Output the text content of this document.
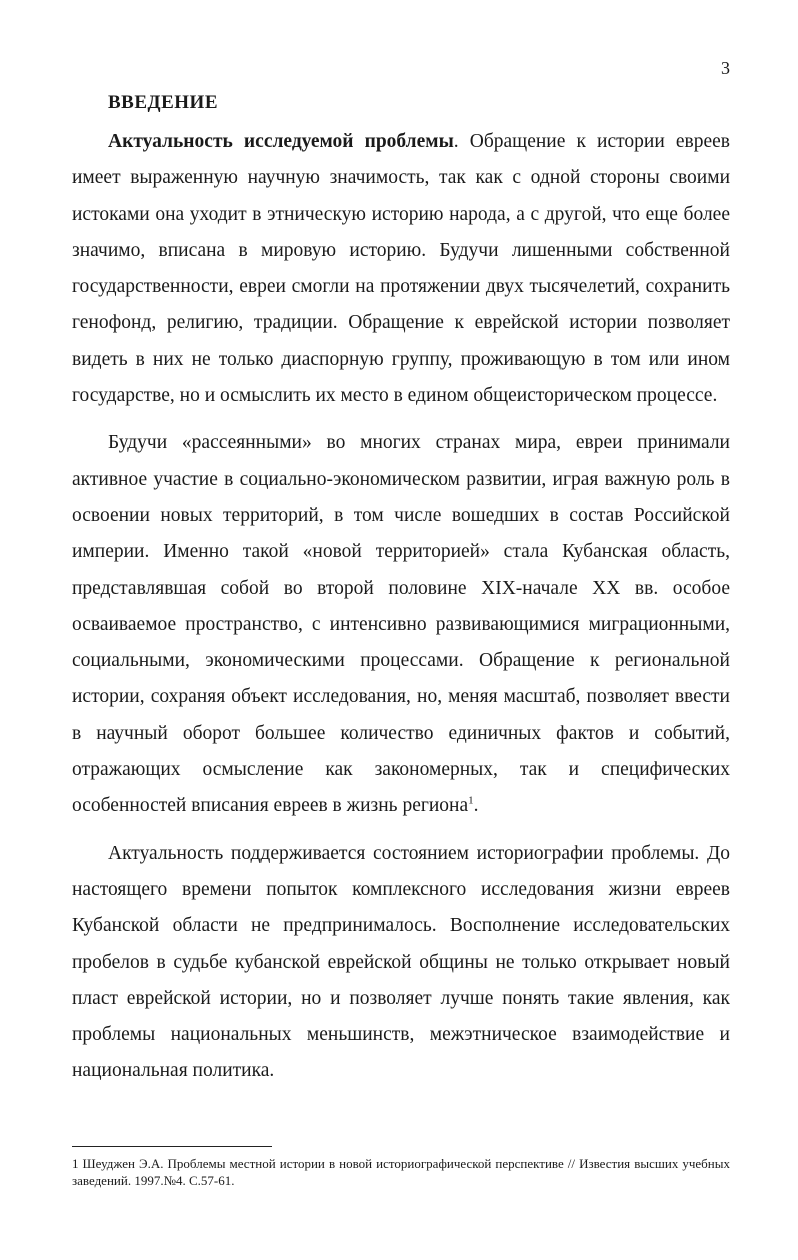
3
ВВЕДЕНИЕ

Актуальность исследуемой проблемы. Обращение к истории евреев имеет выраженную научную значимость, так как с одной стороны своими истоками она уходит в этническую историю народа, а с другой, что еще более значимо, вписана в мировую историю. Будучи лишенными собственной государственности, евреи смогли на протяжении двух тысячелетий, сохранить генофонд, религию, традиции. Обращение к еврейской истории позволяет видеть в них не только диаспорную группу, проживающую в том или ином государстве, но и осмыслить их место в едином общеисторическом процессе.

Будучи «рассеянными» во многих странах мира, евреи принимали активное участие в социально-экономическом развитии, играя важную роль в освоении новых территорий, в том числе вошедших в состав Российской империи. Именно такой «новой территорией» стала Кубанская область, представлявшая собой во второй половине XIX-начале XX вв. особое осваиваемое пространство, с интенсивно развивающимися миграционными, социальными, экономическими процессами. Обращение к региональной истории, сохраняя объект исследования, но, меняя масштаб, позволяет ввести в научный оборот большее количество единичных фактов и событий, отражающих осмысление как закономерных, так и специфических особенностей вписания евреев в жизнь региона$^1$.

Актуальность поддерживается состоянием историографии проблемы. До настоящего времени попыток комплексного исследования жизни евреев Кубанской области не предпринималось. Восполнение исследовательских пробелов в судьбе кубанской еврейской общины не только открывает новый пласт еврейской истории, но и позволяет лучше понять такие явления, как проблемы национальных меньшинств, межэтническое взаимодействие и национальная политика.

1 Шеуджен Э.А. Проблемы местной истории в новой историографической перспективе // Известия высших учебных заведений. 1997.№4. С.57-61.
